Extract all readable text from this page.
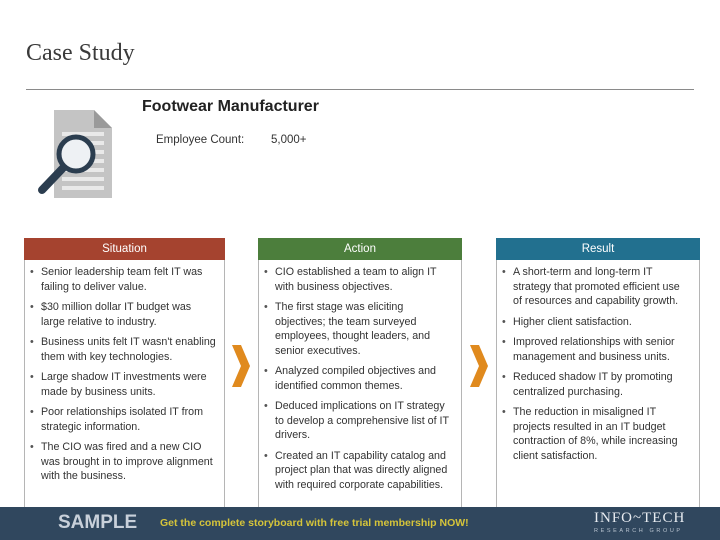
Case Study
Footwear Manufacturer
Employee Count: 5,000+
Situation
• Senior leadership team felt IT was failing to deliver value.
• $30 million dollar IT budget was large relative to industry.
• Business units felt IT wasn't enabling them with key technologies.
• Large shadow IT investments were made by business units.
• Poor relationships isolated IT from strategic information.
• The CIO was fired and a new CIO was brought in to improve alignment with the business.
Action
• CIO established a team to align IT with business objectives.
• The first stage was eliciting objectives; the team surveyed employees, thought leaders, and senior executives.
• Analyzed compiled objectives and identified common themes.
• Deduced implications on IT strategy to develop a comprehensive list of IT drivers.
• Created an IT capability catalog and project plan that was directly aligned with required corporate capabilities.
Result
• A short-term and long-term IT strategy that promoted efficient use of resources and capability growth.
• Higher client satisfaction.
• Improved relationships with senior management and business units.
• Reduced shadow IT by promoting centralized purchasing.
• The reduction in misaligned IT projects resulted in an IT budget contraction of 8%, while increasing client satisfaction.
SAMPLE Get the complete storyboard with free trial membership NOW!	INFO~TECH
RESEARCH GROUP
